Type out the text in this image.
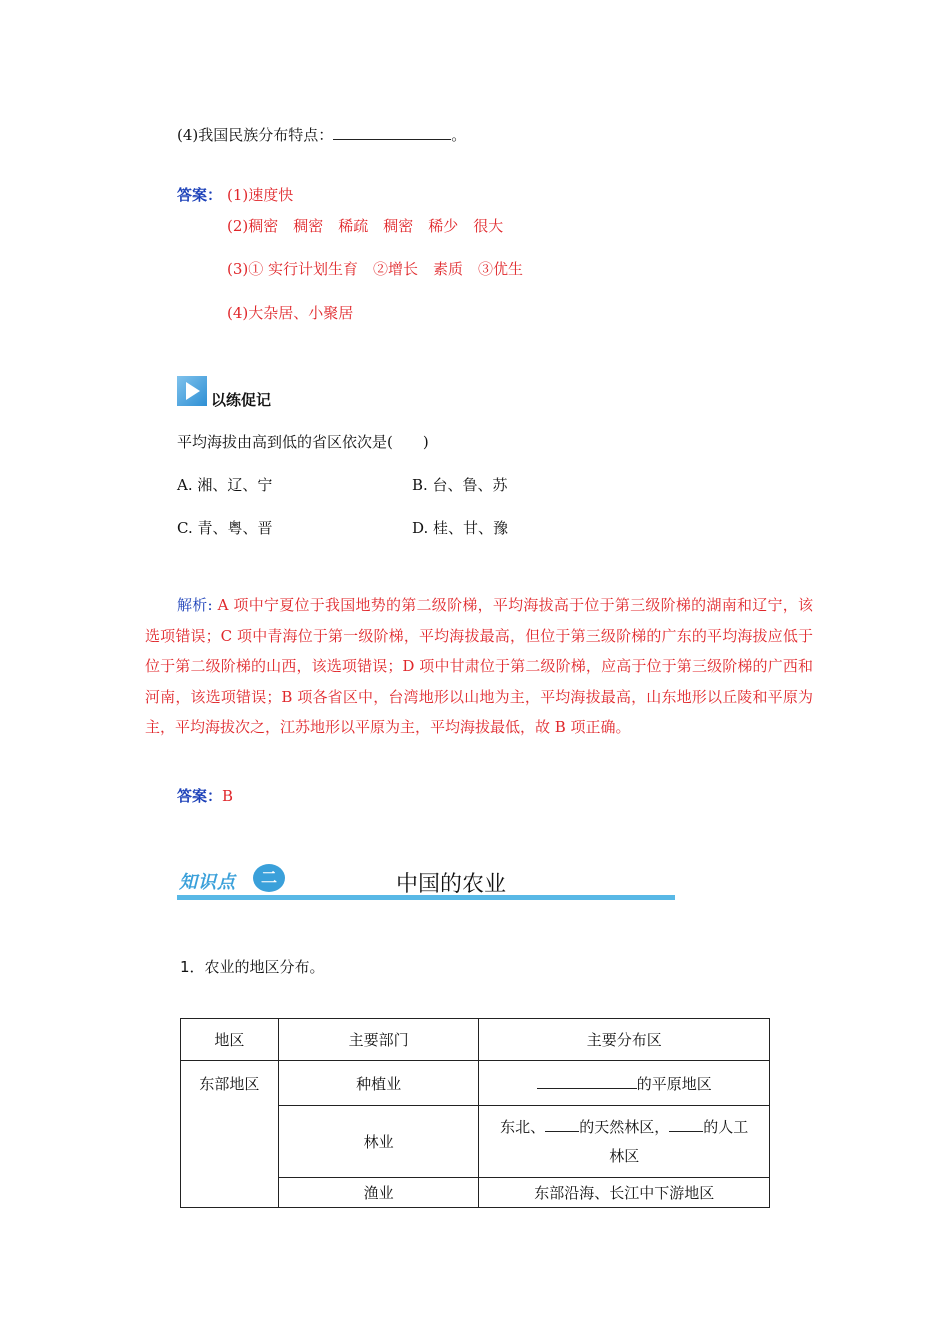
(4)我国民族分布特点：	。
答案： (1)速度快
(2)稠密　稠密　稀疏　稠密　稀少　很大
(3)① 实行计划生育　②增长　素质　③优生
(4)大杂居、小聚居
以练促记
平均海拔由高到低的省区依次是(　　)
A. 湘、辽、宁	B. 台、鲁、苏
C. 青、粤、晋	D. 桂、甘、豫
解析: A 项中宁夏位于我国地势的第二级阶梯，平均海拔高于位于第三级阶梯的湖南和辽宁，该选项错误；C 项中青海位于第一级阶梯，平均海拔最高，但位于第三级阶梯的广东的平均海拔应低于位于第二级阶梯的山西，该选项错误；D 项中甘肃位于第二级阶梯，应高于位于第三级阶梯的广西和河南，该选项错误；B 项各省区中，台湾地形以山地为主，平均海拔最高，山东地形以丘陵和平原为主，平均海拔次之，江苏地形以平原为主，平均海拔最低，故 B 项正确。
答案：B
知识点	二	中国的农业
1．农业的地区分布。
地区	主要部门	主要分布区
东部地区	种植业	的平原地区
	林业	东北、 的天然林区， 的人工
林区
	渔业	东部沿海、长江中下游地区
